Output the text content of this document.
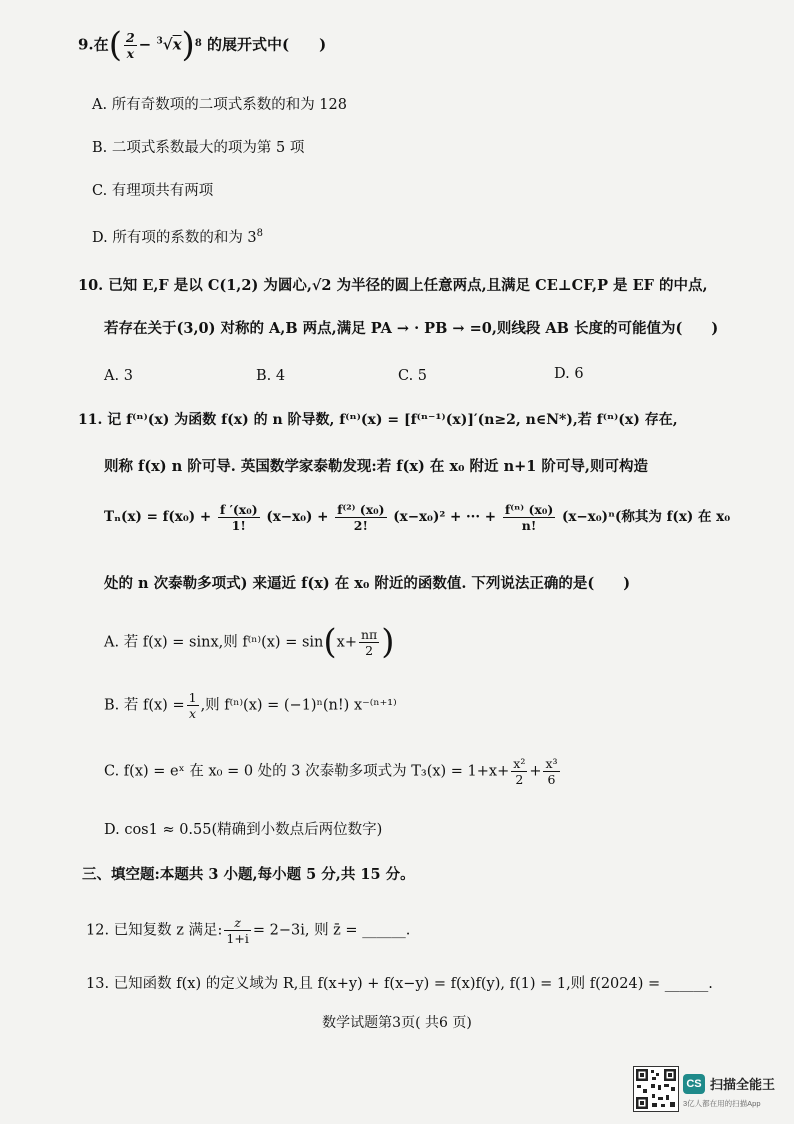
9.在( $\frac{2}{x} - ^3√x)^8$ 的展开式中(　　)
A. 所有奇数项的二项式系数的和为 128
B. 二项式系数最大的项为第 5 项
C. 有理项共有两项
D. 所有项的系数的和为 $3^8$
10. 已知 E,F 是以 C(1,2) 为圆心,√2 为半径的圆上任意两点,且满足 CE⊥CF,P 是 EF 的中点,
若存在关于(3,0) 对称的 A,B 两点,满足 PA → · PB → =0,则线段 AB 长度的可能值为(　　)
A. 3	B. 4	C. 5	D. 6
11. 记 f⁽ⁿ⁾(x) 为函数 f(x) 的 n 阶导数, f⁽ⁿ⁾(x) = [f⁽ⁿ⁻¹⁾(x)]′(n≥2, n∈N*),若 f⁽ⁿ⁾(x) 存在,
则称 f(x) n 阶可导. 英国数学家泰勒发现:若 f(x) 在 x₀ 附近 n+1 阶可导,则可构造
$T_n(x) = f(x_0) + \frac{\text{f ′(x₀)}}{1!} (x-x_0) + \frac{\text{f⁽²⁾ (x₀)}}{2!} (x-x_0)^2$ + ··· + $\frac{\text{f⁽ⁿ⁾ (x₀)}}{n!} (x-x_0)^n$(称其为 f(x) 在 x₀
处的 n 次泰勒多项式) 来逼近 f(x) 在 x₀ 附近的函数值. 下列说法正确的是(　　)
A. 若 f(x) = sinx,则 $f^{(n)}(x) = \sin(x+ \frac{n\pi}{2}$ )
B. 若 $f(x) = \frac{1}{x}$ ,则 f⁽ⁿ⁾(x) = (−1)ⁿ(n!) x⁻⁽ⁿ⁺¹⁾
C. f(x) = eˣ 在 x₀ = 0 处的 3 次泰勒多项式为 $T_3(x) = 1+x+ \frac{\text{x²}}{2} + \frac{\text{x³}}{6}$
D. cos1 ≈ 0.55(精确到小数点后两位数字)
三、填空题:本题共 3 小题,每小题 5 分,共 15 分。
12. 已知复数 z 满足: $\frac{z}{1+i} = 2-3i$, 则 z̄ = ______.
13. 已知函数 f(x) 的定义域为 R,且 f(x+y) + f(x−y) = f(x)f(y), f(1) = 1,则 f(2024) = ______.
数学试题第3页( 共6 页)
CS 扫描全能王
3亿人都在用的扫描App
